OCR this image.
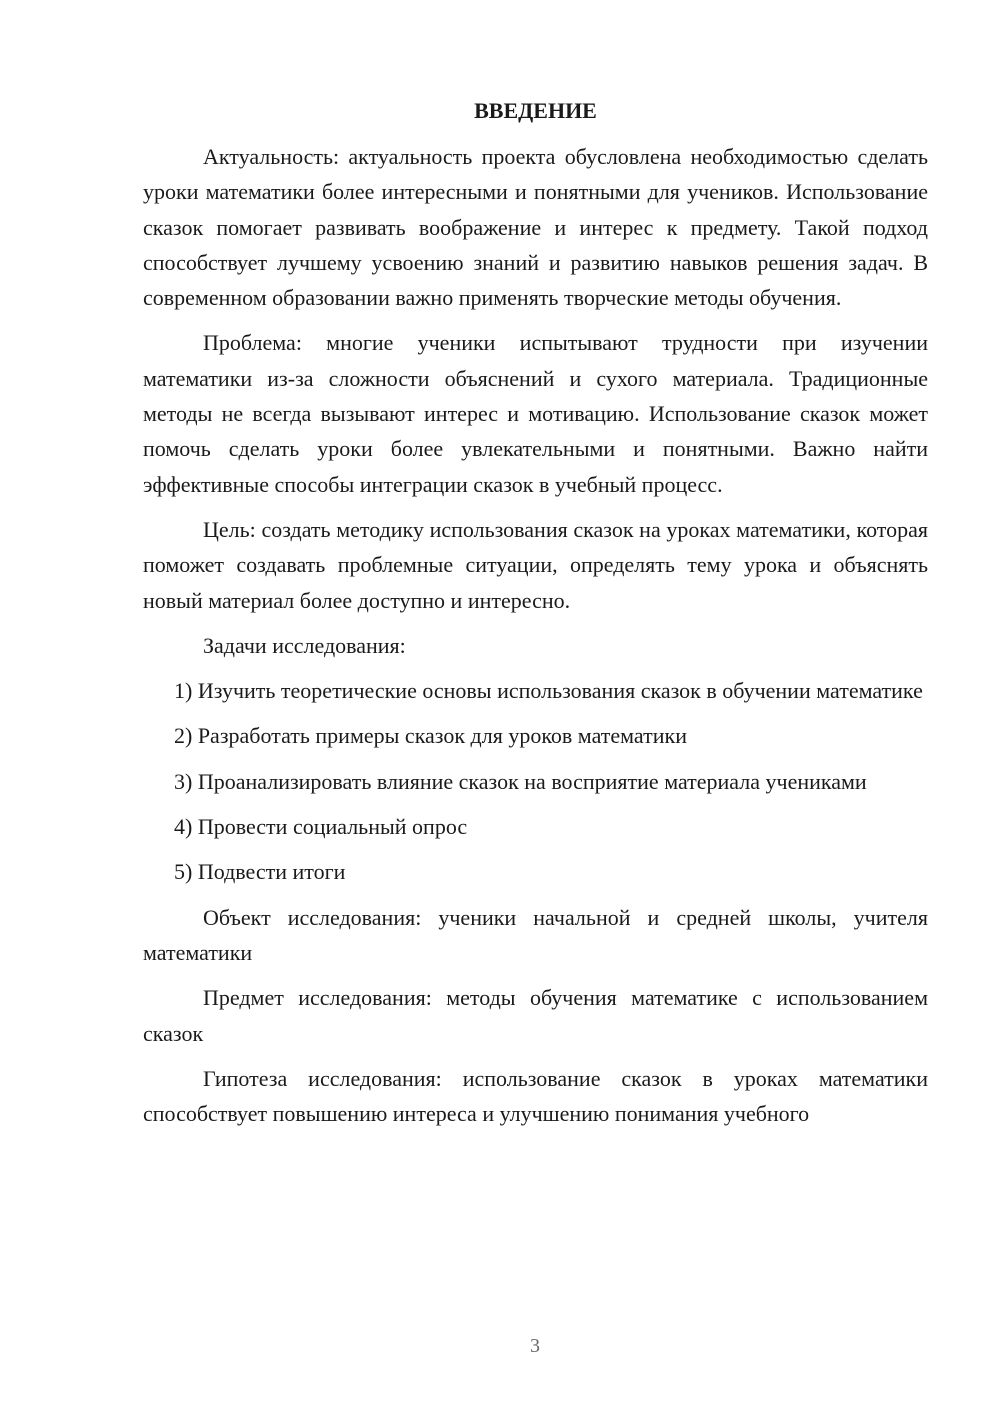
ВВЕДЕНИЕ

Актуальность: актуальность проекта обусловлена необходимостью сделать уроки математики более интересными и понятными для учеников. Использование сказок помогает развивать воображение и интерес к предмету. Такой подход способствует лучшему усвоению знаний и развитию навыков решения задач. В современном образовании важно применять творческие методы обучения.

Проблема: многие ученики испытывают трудности при изучении математики из-за сложности объяснений и сухого материала. Традиционные методы не всегда вызывают интерес и мотивацию. Использование сказок может помочь сделать уроки более увлекательными и понятными. Важно найти эффективные способы интеграции сказок в учебный процесс.

Цель: создать методику использования сказок на уроках математики, которая поможет создавать проблемные ситуации, определять тему урока и объяснять новый материал более доступно и интересно.

Задачи исследования:

1) Изучить теоретические основы использования сказок в обучении математике

2) Разработать примеры сказок для уроков математики

3) Проанализировать влияние сказок на восприятие материала учениками

4) Провести социальный опрос

5) Подвести итоги

Объект исследования: ученики начальной и средней школы, учителя математики

Предмет исследования: методы обучения математике с использованием сказок

Гипотеза исследования: использование сказок в уроках математики способствует повышению интереса и улучшению понимания учебного

3
